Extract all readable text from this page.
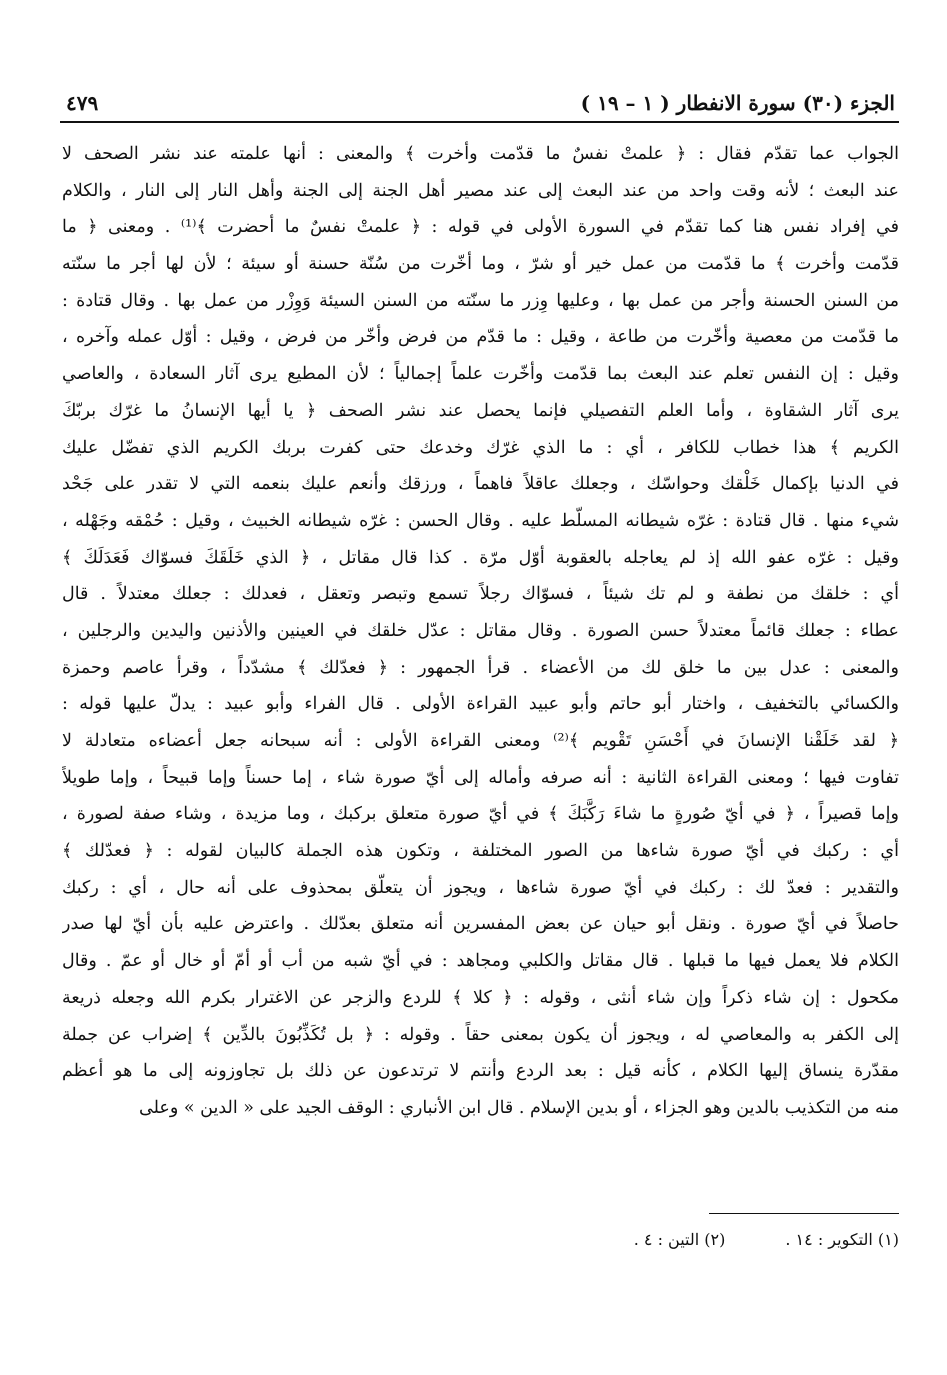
الجزء (٣٠) سورة الانفطار ( ١ – ١٩ )
٤٧٩
الجواب عما تقدّم فقال : ﴿ علمتْ نفسٌ ما قدّمت وأخرت ﴾ والمعنى : أنها علمته عند نشر الصحف لا
عند البعث ؛ لأنه وقت واحد من عند البعث إلى عند مصير أهل الجنة إلى الجنة وأهل النار إلى النار ، والكلام
في إفراد نفس هنا كما تقدّم في السورة الأولى في قوله : ﴿ علمتْ نفسٌ ما أحضرت ﴾⁽¹⁾ . ومعنى ﴿ ما
قدّمت وأخرت ﴾ ما قدّمت من عمل خير أو شرّ ، وما أخّرت من سُنّة حسنة أو سيئة ؛ لأن لها أجر ما سنّته
من السنن الحسنة وأجر من عمل بها ، وعليها وِزر ما سنّته من السنن السيئة وَوِزْر من عمل بها . وقال قتادة :
ما قدّمت من معصية وأخّرت من طاعة ، وقيل : ما قدّم من فرض وأخّر من فرض ، وقيل : أوّل عمله وآخره ،
وقيل : إن النفس تعلم عند البعث بما قدّمت وأخّرت علماً إجمالياً ؛ لأن المطيع يرى آثار السعادة ، والعاصي
يرى آثار الشقاوة ، وأما العلم التفصيلي فإنما يحصل عند نشر الصحف ﴿ يا أيها الإنسانُ ما غرّك بربّكَ
الكريم ﴾ هذا خطاب للكافر ، أي : ما الذي غرّك وخدعك حتى كفرت بربك الكريم الذي تفضّل عليك
في الدنيا بإكمال خَلْقك وحواسّك ، وجعلك عاقلاً فاهماً ، ورزقك وأنعم عليك بنعمه التي لا تقدر على جَحْد
شيء منها . قال قتادة : غرّه شيطانه المسلّط عليه . وقال الحسن : غرّه شيطانه الخبيث ، وقيل : حُمْقه وجَهْله ،
وقيل : غرّه عفو الله إذ لم يعاجله بالعقوبة أوّل مرّة . كذا قال مقاتل ، ﴿ الذي خَلَقَكَ فسوّاك فَعَدَلَكَ ﴾
أي : خلقك من نطفة و لم تك شيئاً ، فسوّاك رجلاً تسمع وتبصر وتعقل ، فعدلك : جعلك معتدلاً . قال
عطاء : جعلك قائماً معتدلاً حسن الصورة . وقال مقاتل : عدّل خلقك في العينين والأذنين واليدين والرجلين ،
والمعنى : عدل بين ما خلق لك من الأعضاء . قرأ الجمهور : ﴿ فعدّلك ﴾ مشدّداً ، وقرأ عاصم وحمزة
والكسائي بالتخفيف ، واختار أبو حاتم وأبو عبيد القراءة الأولى . قال الفراء وأبو عبيد : يدلّ عليها قوله :
﴿ لقد خَلَقْنا الإنسانَ في أَحْسَنِ تَقْويم ﴾⁽²⁾ ومعنى القراءة الأولى : أنه سبحانه جعل أعضاءه متعادلة لا
تفاوت فيها ؛ ومعنى القراءة الثانية : أنه صرفه وأماله إلى أيّ صورة شاء ، إما حسناً وإما قبيحاً ، وإما طويلاً
وإما قصيراً ، ﴿ في أيّ صُورةٍ ما شاءَ رَكَّبَكَ ﴾ في أيّ صورة متعلق بركبك ، وما مزيدة ، وشاء صفة لصورة ،
أي : ركبك في أيّ صورة شاءها من الصور المختلفة ، وتكون هذه الجملة كالبيان لقوله : ﴿ فعدّلك ﴾
والتقدير : فعدّ لك : ركبك في أيّ صورة شاءها ، ويجوز أن يتعلّق بمحذوف على أنه حال ، أي : ركبك
حاصلاً في أيّ صورة . ونقل أبو حيان عن بعض المفسرين أنه متعلق بعدّلك . واعترض عليه بأن أيّ لها صدر
الكلام فلا يعمل فيها ما قبلها . قال مقاتل والكلبي ومجاهد : في أيّ شبه من أب أو أمّ أو خال أو عمّ . وقال
مكحول : إن شاء ذكراً وإن شاء أنثى ، وقوله : ﴿ كلا ﴾ للردع والزجر عن الاغترار بكرم الله وجعله ذريعة
إلى الكفر به والمعاصي له ، ويجوز أن يكون بمعنى حقاً . وقوله : ﴿ بل تُكَذِّبُونَ بالدِّين ﴾ إضراب عن جملة
مقدّرة ينساق إليها الكلام ، كأنه قيل : بعد الردع وأنتم لا ترتدعون عن ذلك بل تجاوزونه إلى ما هو أعظم
منه من التكذيب بالدين وهو الجزاء ، أو بدين الإسلام . قال ابن الأنباري : الوقف الجيد على « الدين » وعلى
(١) التكوير : ١٤ .
(٢) التين : ٤ .
